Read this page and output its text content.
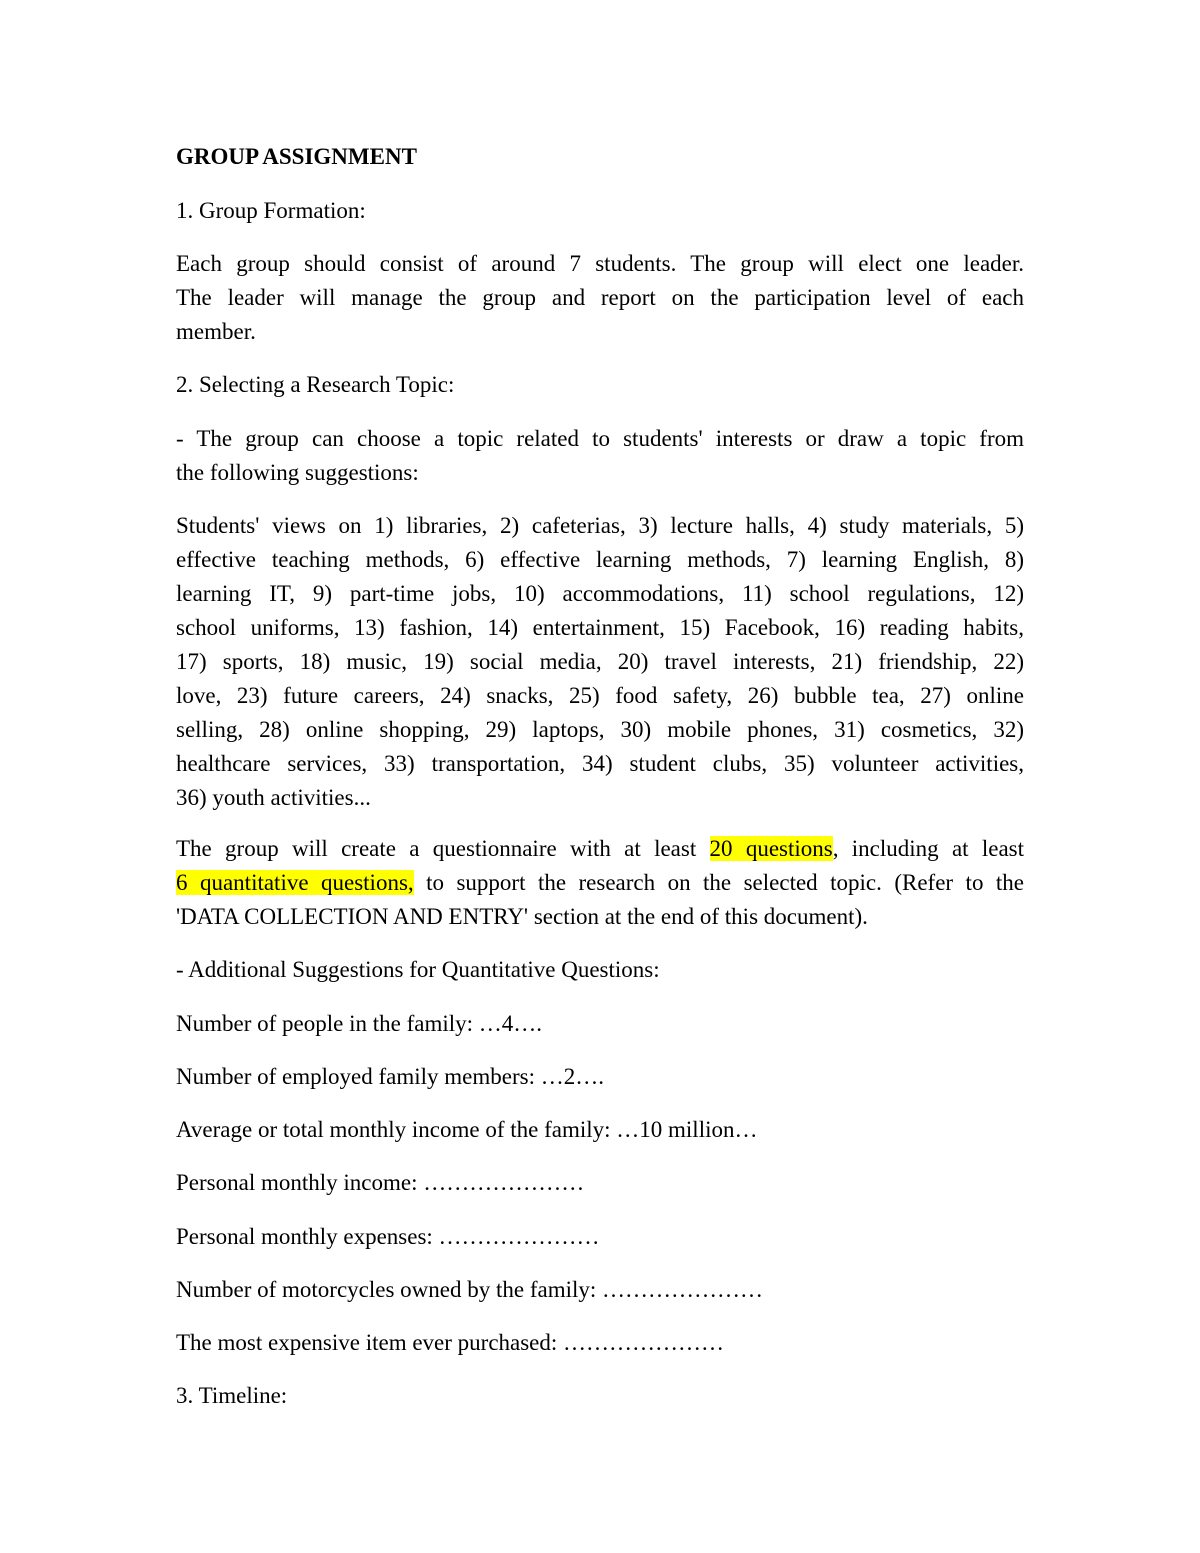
GROUP ASSIGNMENT

1. Group Formation:

Each group should consist of around 7 students. The group will elect one leader.

The leader will manage the group and report on the participation level of each

member.

2. Selecting a Research Topic:

- The group can choose a topic related to students' interests or draw a topic from

the following suggestions:

Students' views on 1) libraries, 2) cafeterias, 3) lecture halls, 4) study materials, 5)

effective teaching methods, 6) effective learning methods, 7) learning English, 8)

learning IT, 9) part-time jobs, 10) accommodations, 11) school regulations, 12)

school uniforms, 13) fashion, 14) entertainment, 15) Facebook, 16) reading habits,

17) sports, 18) music, 19) social media, 20) travel interests, 21) friendship, 22)

love, 23) future careers, 24) snacks, 25) food safety, 26) bubble tea, 27) online

selling, 28) online shopping, 29) laptops, 30) mobile phones, 31) cosmetics, 32)

healthcare services, 33) transportation, 34) student clubs, 35) volunteer activities,

36) youth activities...

The group will create a questionnaire with at least 20 questions, including at least

6 quantitative questions, to support the research on the selected topic. (Refer to the

'DATA COLLECTION AND ENTRY' section at the end of this document).

- Additional Suggestions for Quantitative Questions:

Number of people in the family: …4….

Number of employed family members: …2….

Average or total monthly income of the family: …10 million…

Personal monthly income: …………………

Personal monthly expenses: …………………

Number of motorcycles owned by the family: …………………

The most expensive item ever purchased: …………………

3. Timeline:
